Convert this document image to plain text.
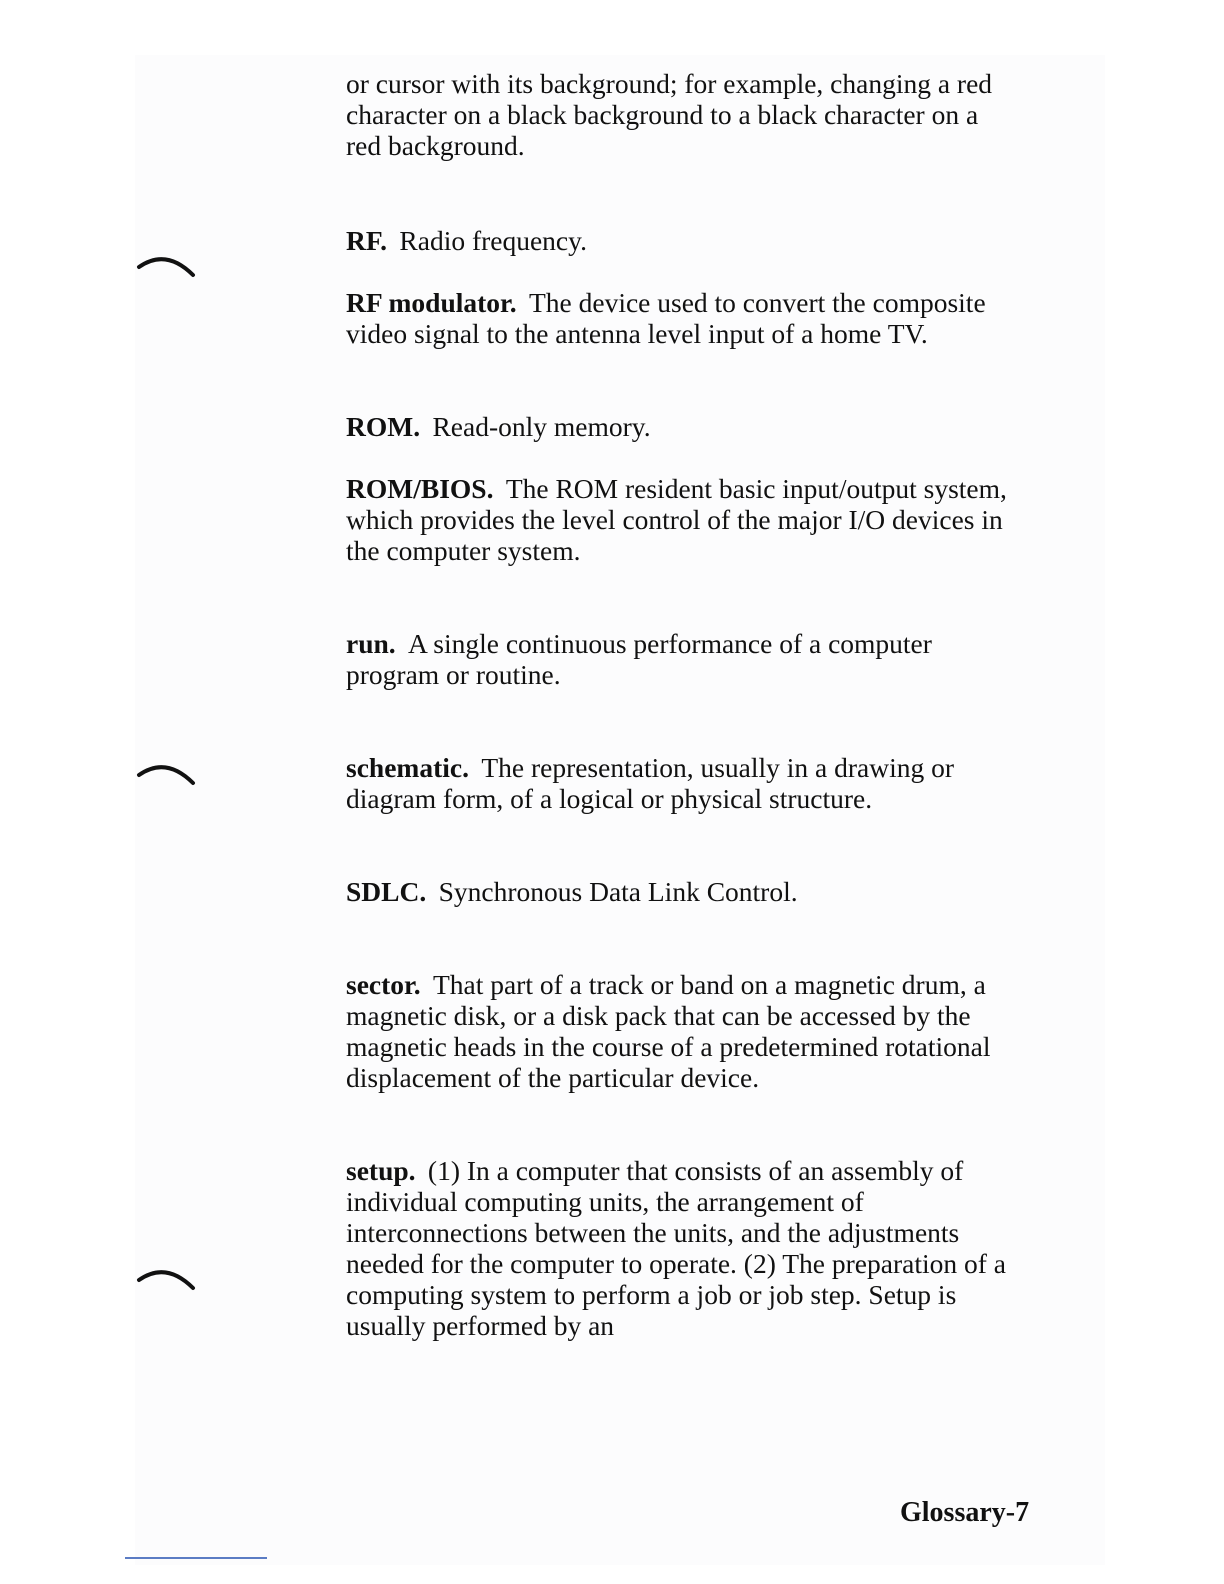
or cursor with its background; for example, changing a red character on a black background to a black character on a red background.

RF. Radio frequency.

RF modulator. The device used to convert the composite video signal to the antenna level input of a home TV.

ROM. Read-only memory.

ROM/BIOS. The ROM resident basic input/output system, which provides the level control of the major I/O devices in the computer system.

run. A single continuous performance of a computer program or routine.

schematic. The representation, usually in a drawing or diagram form, of a logical or physical structure.

SDLC. Synchronous Data Link Control.

sector. That part of a track or band on a magnetic drum, a magnetic disk, or a disk pack that can be accessed by the magnetic heads in the course of a predetermined rotational displacement of the particular device.

setup. (1) In a computer that consists of an assembly of individual computing units, the arrangement of interconnections between the units, and the adjustments needed for the computer to operate. (2) The preparation of a computing system to perform a job or job step. Setup is usually performed by an

Glossary-7
